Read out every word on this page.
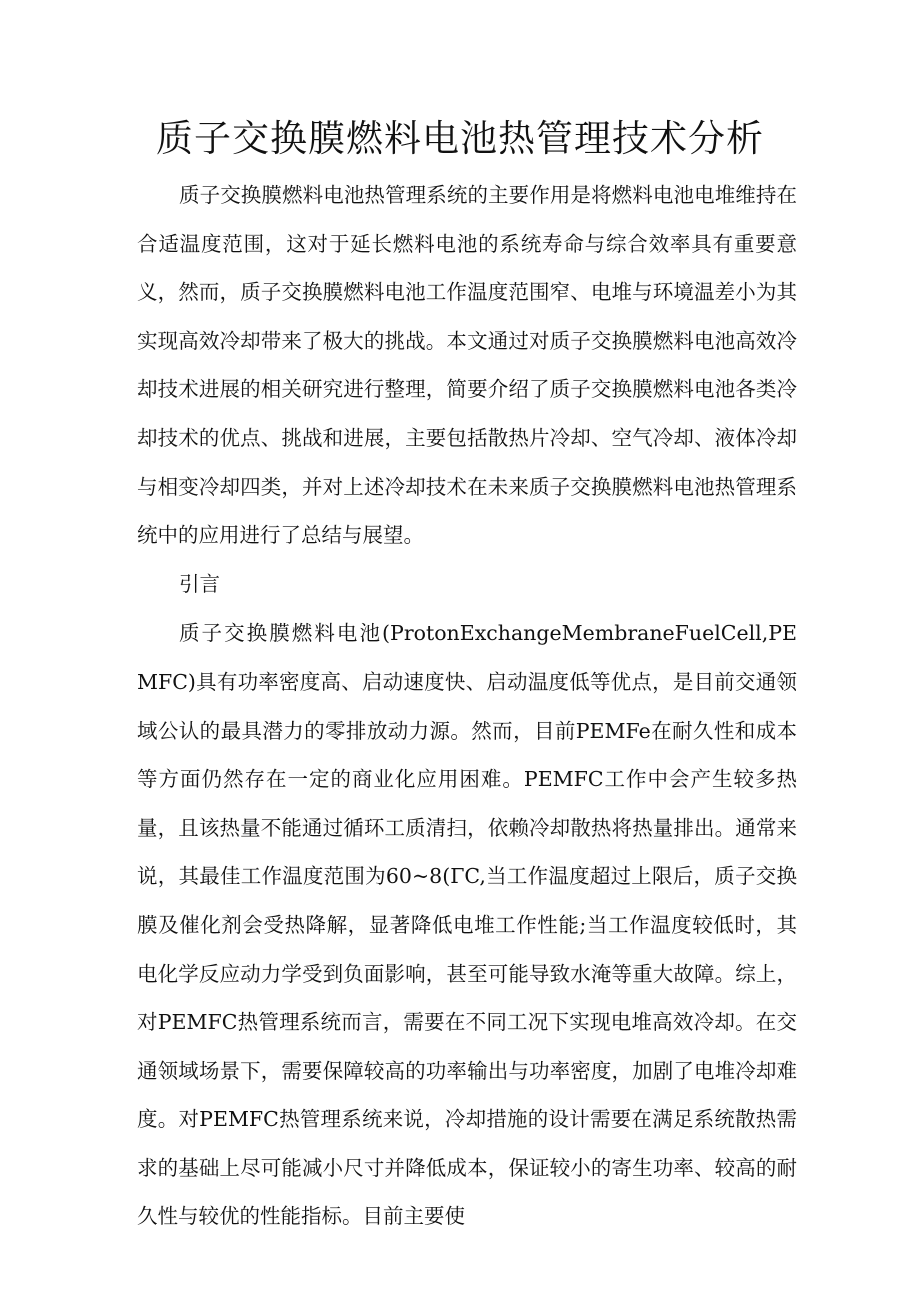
质子交换膜燃料电池热管理技术分析

质子交换膜燃料电池热管理系统的主要作用是将燃料电池电堆维持在合适温度范围，这对于延长燃料电池的系统寿命与综合效率具有重要意义，然而，质子交换膜燃料电池工作温度范围窄、电堆与环境温差小为其实现高效冷却带来了极大的挑战。本文通过对质子交换膜燃料电池高效冷却技术进展的相关研究进行整理，简要介绍了质子交换膜燃料电池各类冷却技术的优点、挑战和进展，主要包括散热片冷却、空气冷却、液体冷却与相变冷却四类，并对上述冷却技术在未来质子交换膜燃料电池热管理系统中的应用进行了总结与展望。

引言

质子交换膜燃料电池(ProtonExchangeMembraneFuelCell,PEMFC)具有功率密度高、启动速度快、启动温度低等优点，是目前交通领域公认的最具潜力的零排放动力源。然而，目前PEMFe在耐久性和成本等方面仍然存在一定的商业化应用困难。PEMFC工作中会产生较多热量，且该热量不能通过循环工质清扫，依赖冷却散热将热量排出。通常来说，其最佳工作温度范围为60~8(ΓC,当工作温度超过上限后，质子交换膜及催化剂会受热降解，显著降低电堆工作性能;当工作温度较低时，其电化学反应动力学受到负面影响，甚至可能导致水淹等重大故障。综上，对PEMFC热管理系统而言，需要在不同工况下实现电堆高效冷却。在交通领域场景下，需要保障较高的功率输出与功率密度，加剧了电堆冷却难度。对PEMFC热管理系统来说，冷却措施的设计需要在满足系统散热需求的基础上尽可能减小尺寸并降低成本，保证较小的寄生功率、较高的耐久性与较优的性能指标。目前主要使
